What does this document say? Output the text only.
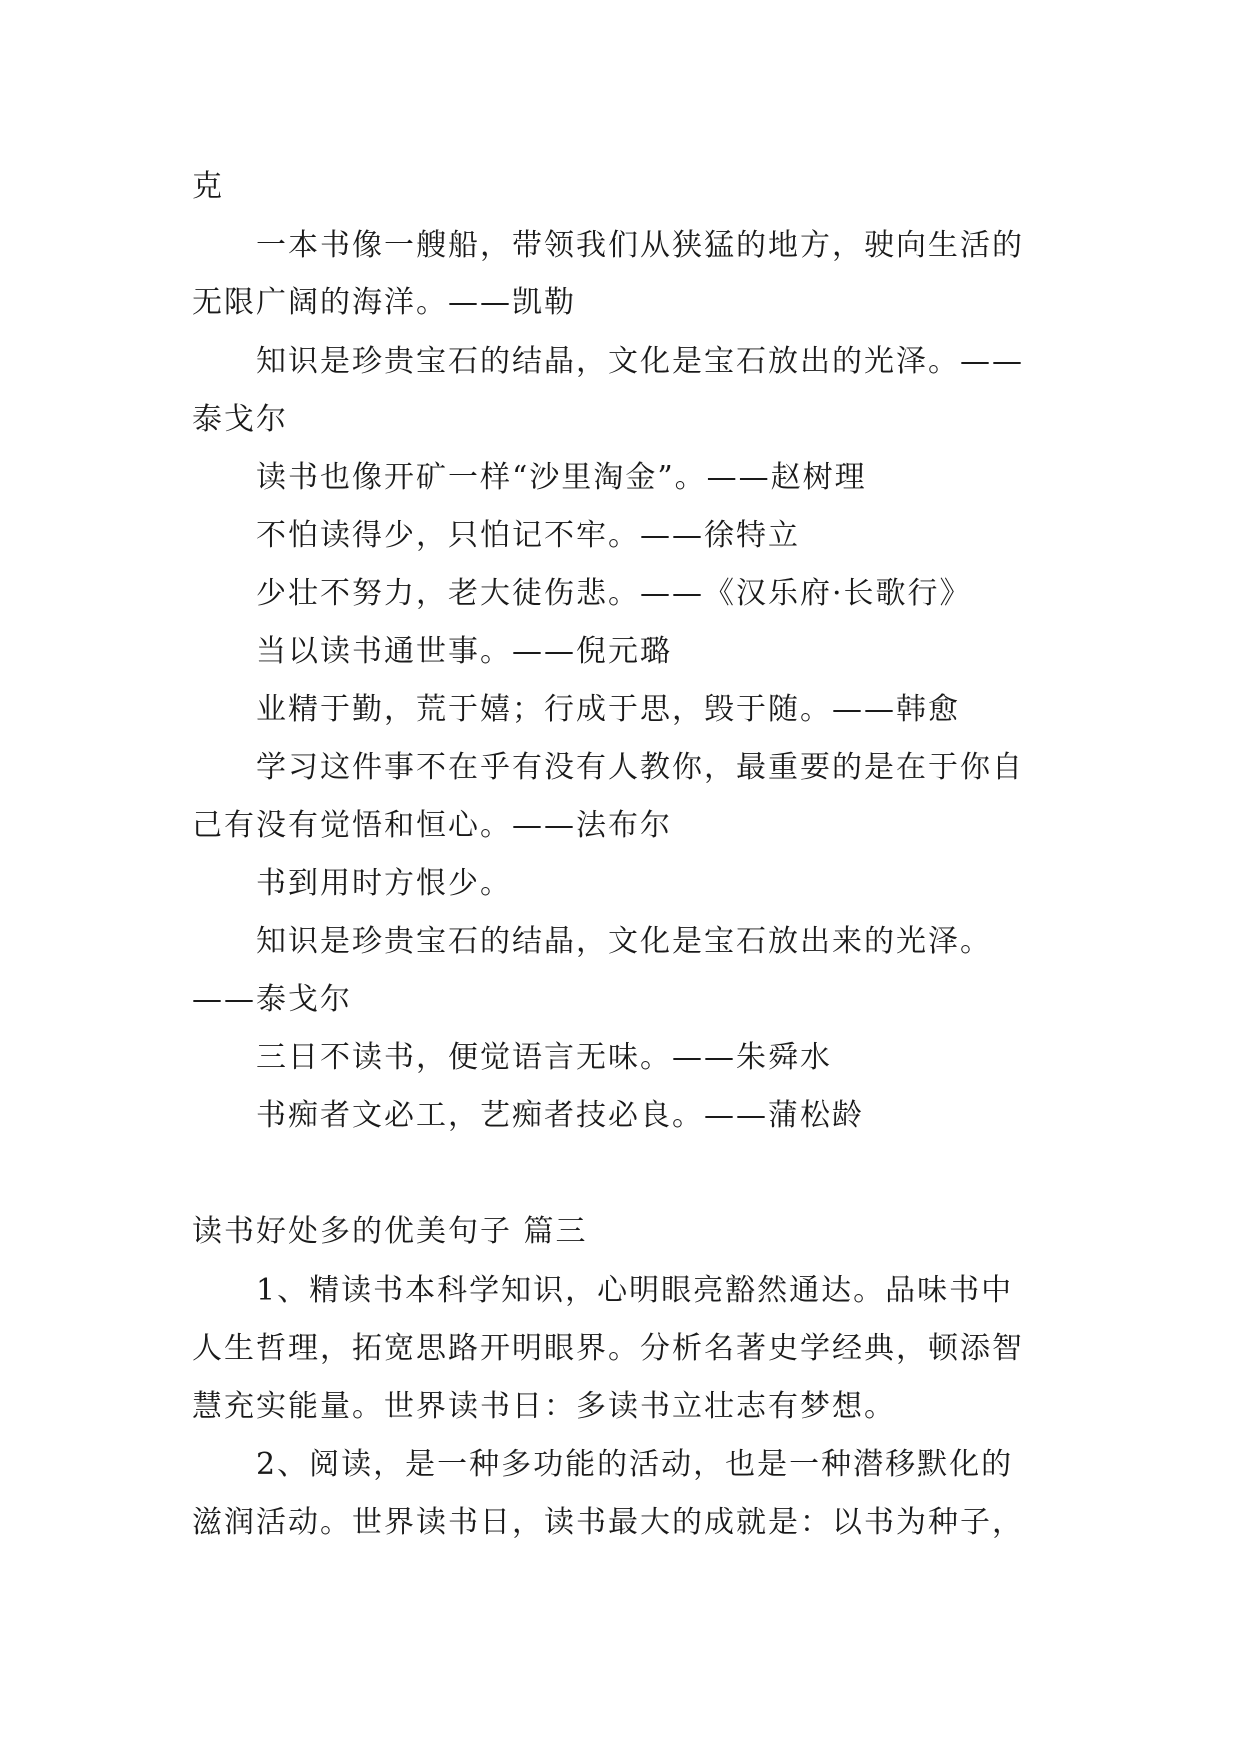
克
一本书像一艘船，带领我们从狭猛的地方，驶向生活的
无限广阔的海洋。——凯勒
知识是珍贵宝石的结晶，文化是宝石放出的光泽。——
泰戈尔
读书也像开矿一样“沙里淘金”。——赵树理
不怕读得少，只怕记不牢。——徐特立
少壮不努力，老大徒伤悲。——《汉乐府·长歌行》
当以读书通世事。——倪元璐
业精于勤，荒于嬉；行成于思，毁于随。——韩愈
学习这件事不在乎有没有人教你，最重要的是在于你自
己有没有觉悟和恒心。——法布尔
书到用时方恨少。
知识是珍贵宝石的结晶，文化是宝石放出来的光泽。
——泰戈尔
三日不读书，便觉语言无味。——朱舜水
书痴者文必工，艺痴者技必良。——蒲松龄
读书好处多的优美句子 篇三
1、精读书本科学知识，心明眼亮豁然通达。品味书中
人生哲理，拓宽思路开明眼界。分析名著史学经典，顿添智
慧充实能量。世界读书日：多读书立壮志有梦想。
2、阅读，是一种多功能的活动，也是一种潜移默化的
滋润活动。世界读书日，读书最大的成就是：以书为种子，
